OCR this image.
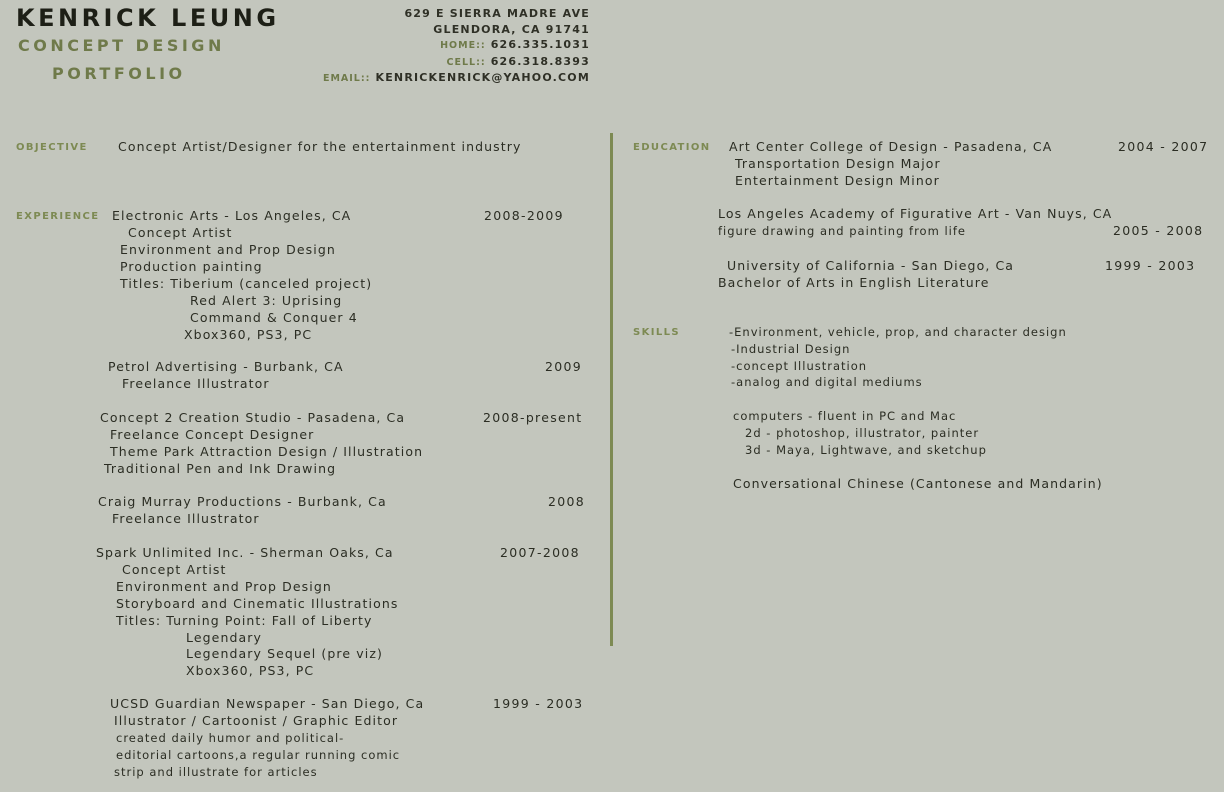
KENRICK LEUNG
CONCEPT DESIGN
PORTFOLIO
629 E SIERRA MADRE AVE
GLENDORA, CA 91741
HOME:: 626.335.1031
CELL:: 626.318.8393
EMAIL:: KENRICKENRICK@YAHOO.COM
OBJECTIVE Concept Artist/Designer for the entertainment industry
EXPERIENCE Electronic Arts - Los Angeles, CA	2008-2009
Concept Artist
Environment and Prop Design
Production painting
Titles: Tiberium (canceled project)
Red Alert 3: Uprising
Command & Conquer 4
Xbox360, PS3, PC
Petrol Advertising - Burbank, CA	2009
Freelance Illustrator
Concept 2 Creation Studio - Pasadena, Ca	2008-present
Freelance Concept Designer
Theme Park Attraction Design / Illustration
Traditional Pen and Ink Drawing
Craig Murray Productions - Burbank, Ca	2008
Freelance Illustrator
Spark Unlimited Inc. - Sherman Oaks, Ca	2007-2008
Concept Artist
Environment and Prop Design
Storyboard and Cinematic Illustrations
Titles: Turning Point: Fall of Liberty
Legendary
Legendary Sequel (pre viz)
Xbox360, PS3, PC
UCSD Guardian Newspaper - San Diego, Ca	1999 - 2003
Illustrator / Cartoonist / Graphic Editor
created daily humor and political-
editorial cartoons,a regular running comic
strip and illustrate for articles
EDUCATION Art Center College of Design - Pasadena, CA	2004 - 2007
Transportation Design Major
Entertainment Design Minor
Los Angeles Academy of Figurative Art - Van Nuys, CA
figure drawing and painting from life	2005 - 2008
University of California - San Diego, Ca	1999 - 2003
Bachelor of Arts in English Literature
SKILLS	-Environment, vehicle, prop, and character design
-Industrial Design
-concept Illustration
-analog and digital mediums
computers - fluent in PC and Mac
2d - photoshop, illustrator, painter
3d - Maya, Lightwave, and sketchup
Conversational Chinese (Cantonese and Mandarin)
